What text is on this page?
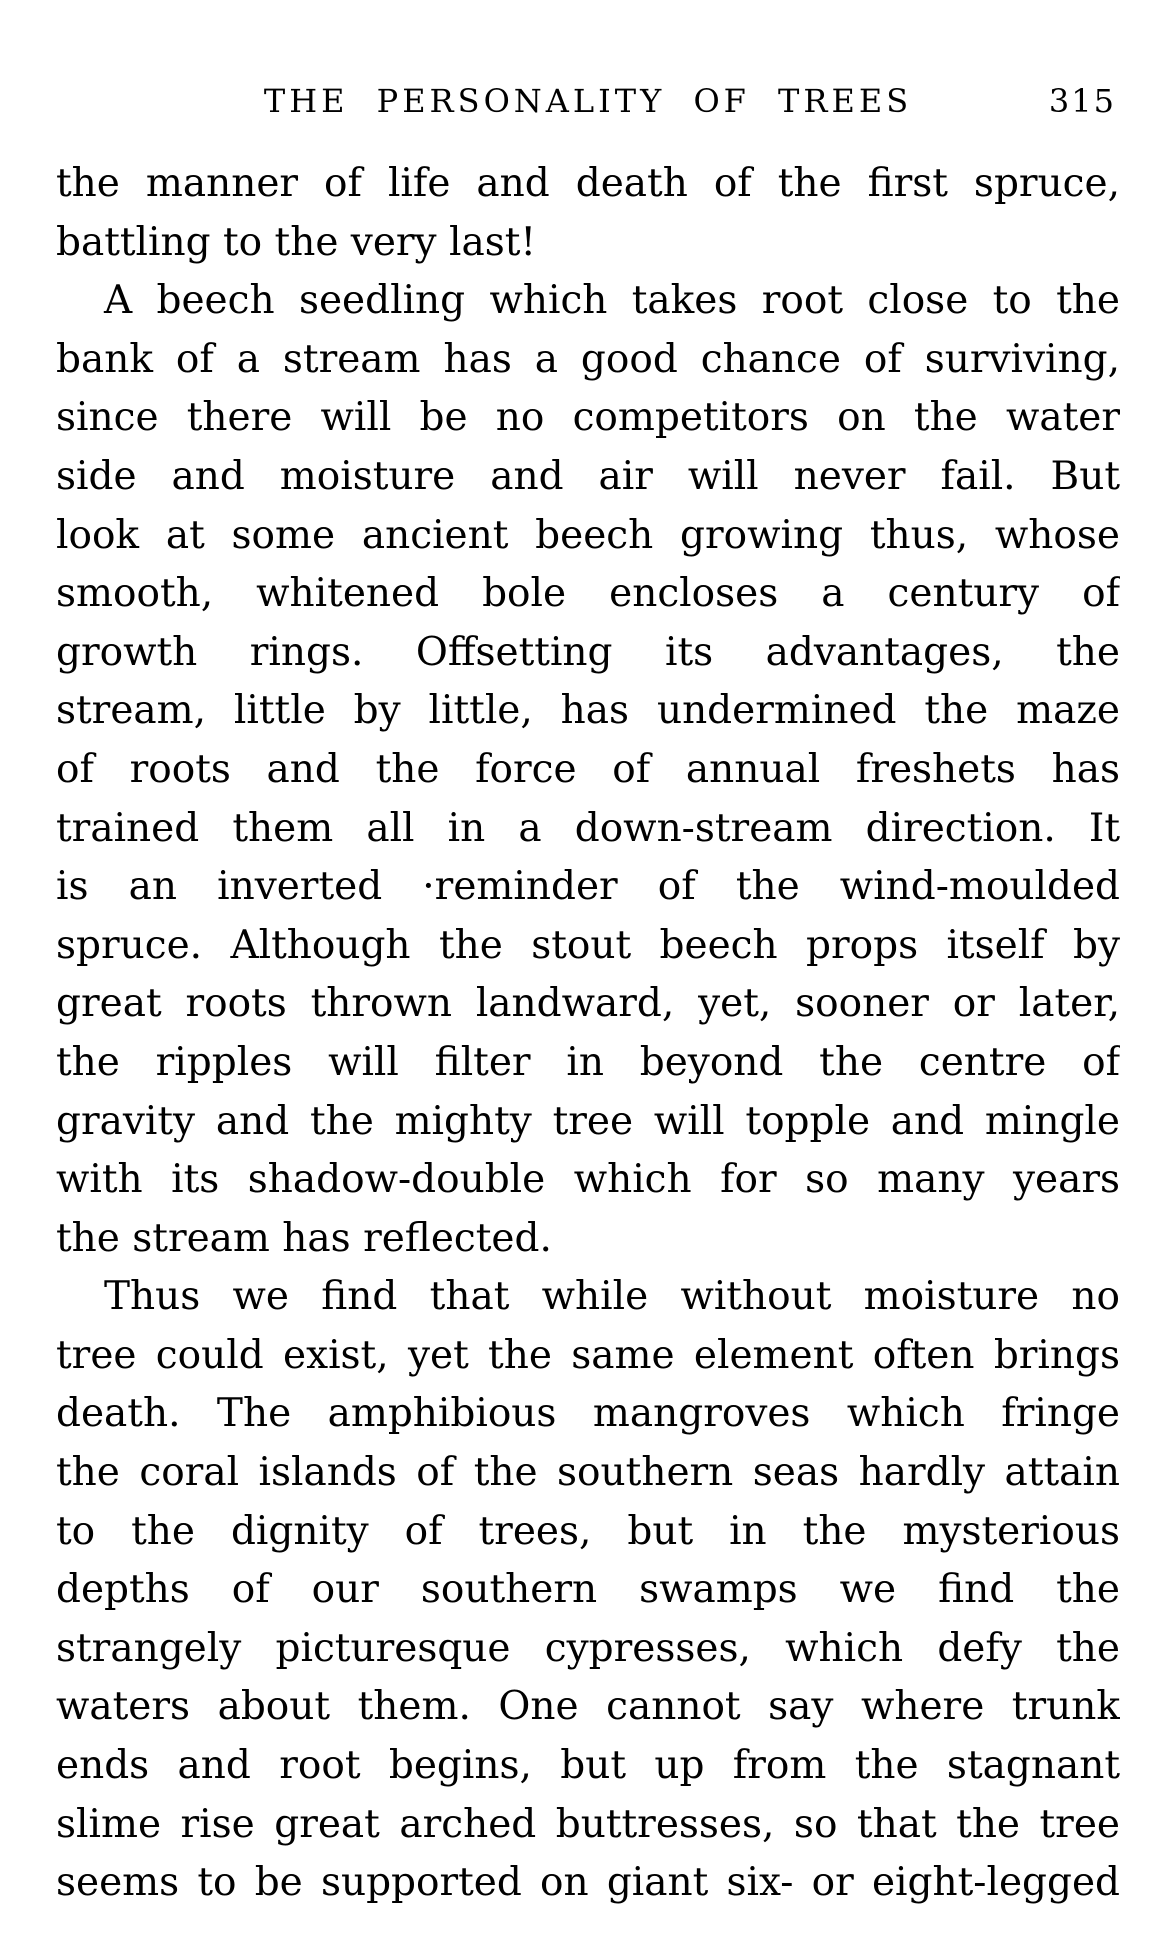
THE PERSONALITY OF TREES	315
the manner of life and death of the first spruce,
battling to the very last!
A beech seedling which takes root close to the
bank of a stream has a good chance of surviving,
since there will be no competitors on the water
side and moisture and air will never fail. But
look at some ancient beech growing thus, whose
smooth, whitened bole encloses a century of
growth rings. Offsetting its advantages, the
stream, little by little, has undermined the maze
of roots and the force of annual freshets has
trained them all in a down-stream direction. It
is an inverted ·reminder of the wind-moulded
spruce. Although the stout beech props itself by
great roots thrown landward, yet, sooner or later,
the ripples will filter in beyond the centre of
gravity and the mighty tree will topple and mingle
with its shadow-double which for so many years
the stream has reflected.
Thus we find that while without moisture no
tree could exist, yet the same element often brings
death. The amphibious mangroves which fringe
the coral islands of the southern seas hardly attain
to the dignity of trees, but in the mysterious
depths of our southern swamps we find the
strangely picturesque cypresses, which defy the
waters about them. One cannot say where trunk
ends and root begins, but up from the stagnant
slime rise great arched buttresses, so that the tree
seems to be supported on giant six- or eight-legged
